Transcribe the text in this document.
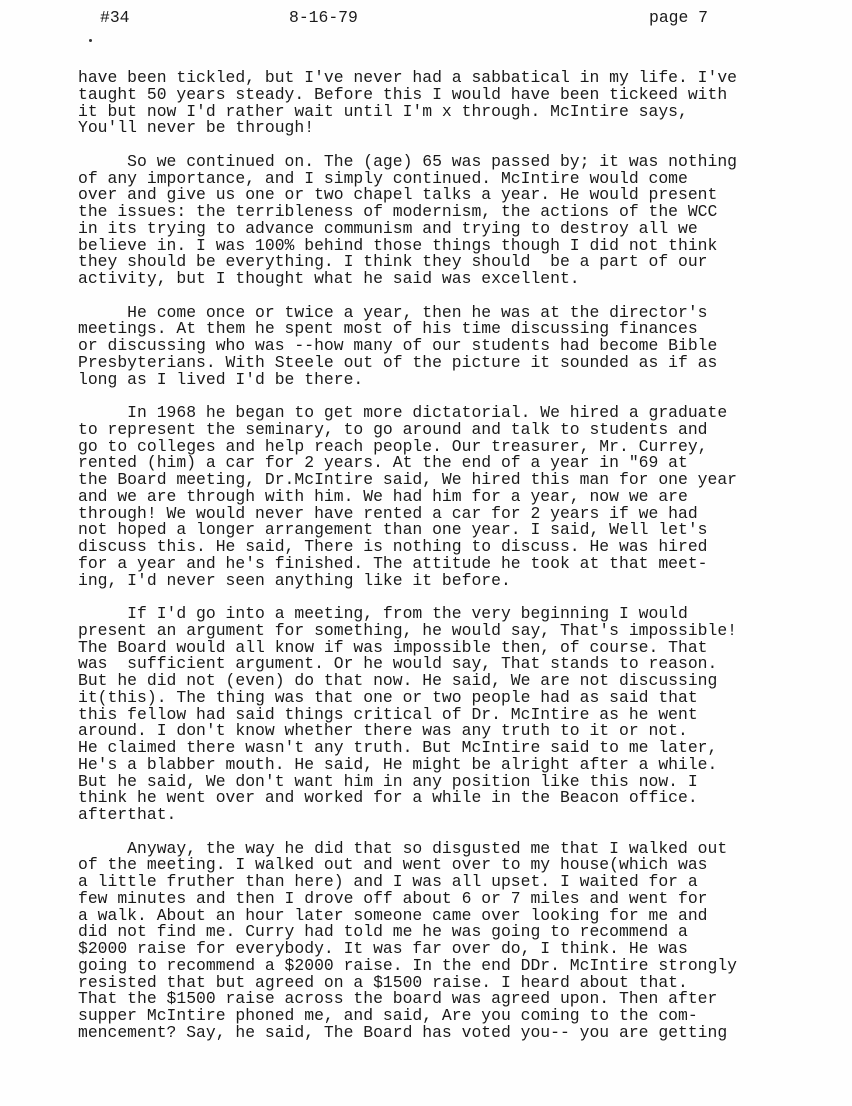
#34	8-16-79	page 7
have been tickled, but I've never had a sabbatical in my life. I've
taught 50 years steady. Before this I would have been tickeed with
it but now I'd rather wait until I'm x through. McIntire says,
You'll never be through!
So we continued on. The (age) 65 was passed by; it was nothing
of any importance, and I simply continued. McIntire would come
over and give us one or two chapel talks a year. He would present
the issues: the terribleness of modernism, the actions of the WCC
in its trying to advance communism and trying to destroy all we
believe in. I was 100% behind those things though I did not think
they should be everything. I think they should  be a part of our
activity, but I thought what he said was excellent.
He come once or twice a year, then he was at the director's
meetings. At them he spent most of his time discussing finances
or discussing who was --how many of our students had become Bible
Presbyterians. With Steele out of the picture it sounded as if as
long as I lived I'd be there.
In 1968 he began to get more dictatorial. We hired a graduate
to represent the seminary, to go around and talk to students and
go to colleges and help reach people. Our treasurer, Mr. Currey,
rented (him) a car for 2 years. At the end of a year in "69 at
the Board meeting, Dr.McIntire said, We hired this man for one year
and we are through with him. We had him for a year, now we are
through! We would never have rented a car for 2 years if we had
not hoped a longer arrangement than one year. I said, Well let's
discuss this. He said, There is nothing to discuss. He was hired
for a year and he's finished. The attitude he took at that meet-
ing, I'd never seen anything like it before.
If I'd go into a meeting, from the very beginning I would
present an argument for something, he would say, That's impossible!
The Board would all know if was impossible then, of course. That
was  sufficient argument. Or he would say, That stands to reason.
But he did not (even) do that now. He said, We are not discussing
it(this). The thing was that one or two people had as said that
this fellow had said things critical of Dr. McIntire as he went
around. I don't know whether there was any truth to it or not.
He claimed there wasn't any truth. But McIntire said to me later,
He's a blabber mouth. He said, He might be alright after a while.
But he said, We don't want him in any position like this now. I
think he went over and worked for a while in the Beacon office.
afterthat.
Anyway, the way he did that so disgusted me that I walked out
of the meeting. I walked out and went over to my house(which was
a little fruther than here) and I was all upset. I waited for a
few minutes and then I drove off about 6 or 7 miles and went for
a walk. About an hour later someone came over looking for me and
did not find me. Curry had told me he was going to recommend a
$2000 raise for everybody. It was far over do, I think. He was
going to recommend a $2000 raise. In the end DDr. McIntire strongly
resisted that but agreed on a $1500 raise. I heard about that.
That the $1500 raise across the board was agreed upon. Then after
supper McIntire phoned me, and said, Are you coming to the com-
mencement? Say, he said, The Board has voted you-- you are getting
